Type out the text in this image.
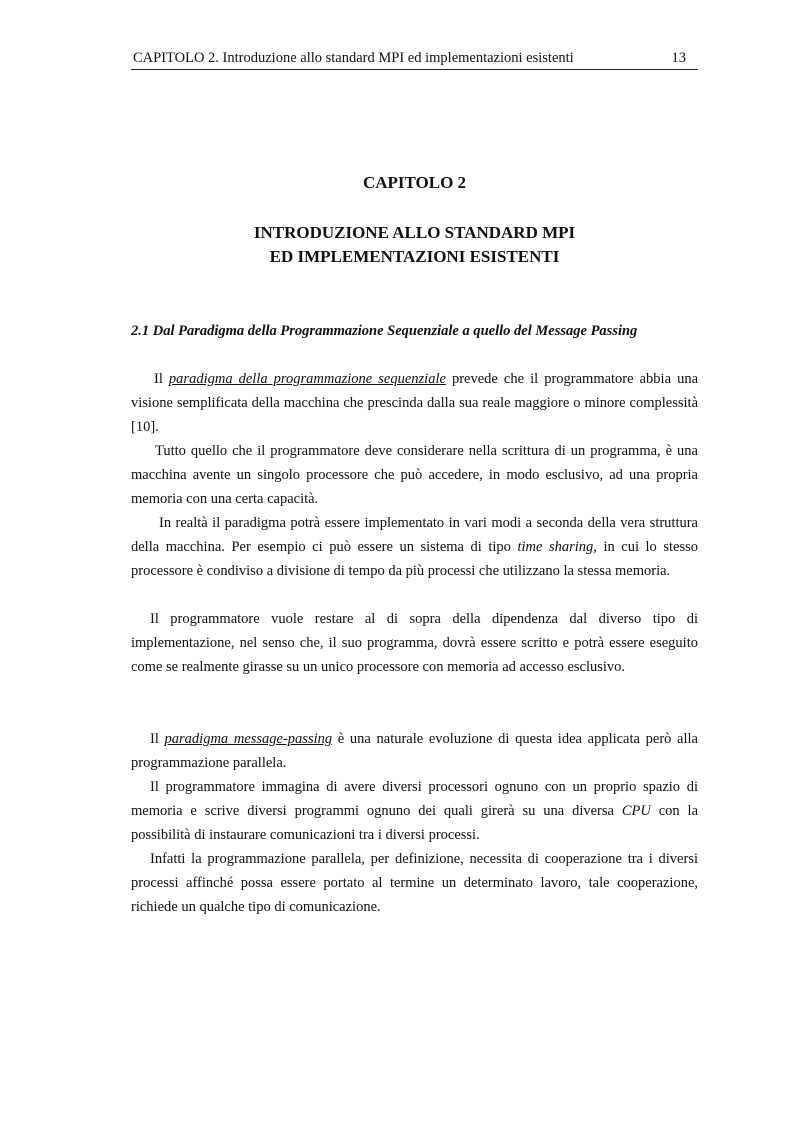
CAPITOLO 2. Introduzione allo standard MPI ed implementazioni esistenti	13
CAPITOLO 2
INTRODUZIONE ALLO STANDARD MPI
ED IMPLEMENTAZIONI ESISTENTI
2.1 Dal Paradigma della Programmazione Sequenziale a quello del Message Passing

Il paradigma della programmazione sequenziale prevede che il programmatore abbia una visione semplificata della macchina che prescinda dalla sua reale maggiore o minore complessità [10].

Tutto quello che il programmatore deve considerare nella scrittura di un programma, è una macchina avente un singolo processore che può accedere, in modo esclusivo, ad una propria memoria con una certa capacità.

In realtà il paradigma potrà essere implementato in vari modi a seconda della vera struttura della macchina. Per esempio ci può essere un sistema di tipo time sharing, in cui lo stesso processore è condiviso a divisione di tempo da più processi che utilizzano la stessa memoria.

Il programmatore vuole restare al di sopra della dipendenza dal diverso tipo di implementazione, nel senso che, il suo programma, dovrà essere scritto e potrà essere eseguito come se realmente girasse su un unico processore con memoria ad accesso esclusivo.

Il paradigma message-passing è una naturale evoluzione di questa idea applicata però alla programmazione parallela.

Il programmatore immagina di avere diversi processori ognuno con un proprio spazio di memoria e scrive diversi programmi ognuno dei quali girerà su una diversa CPU con la possibilità di instaurare comunicazioni tra i diversi processi.

Infatti la programmazione parallela, per definizione, necessita di cooperazione tra i diversi processi affinché possa essere portato al termine un determinato lavoro, tale cooperazione, richiede un qualche tipo di comunicazione.
